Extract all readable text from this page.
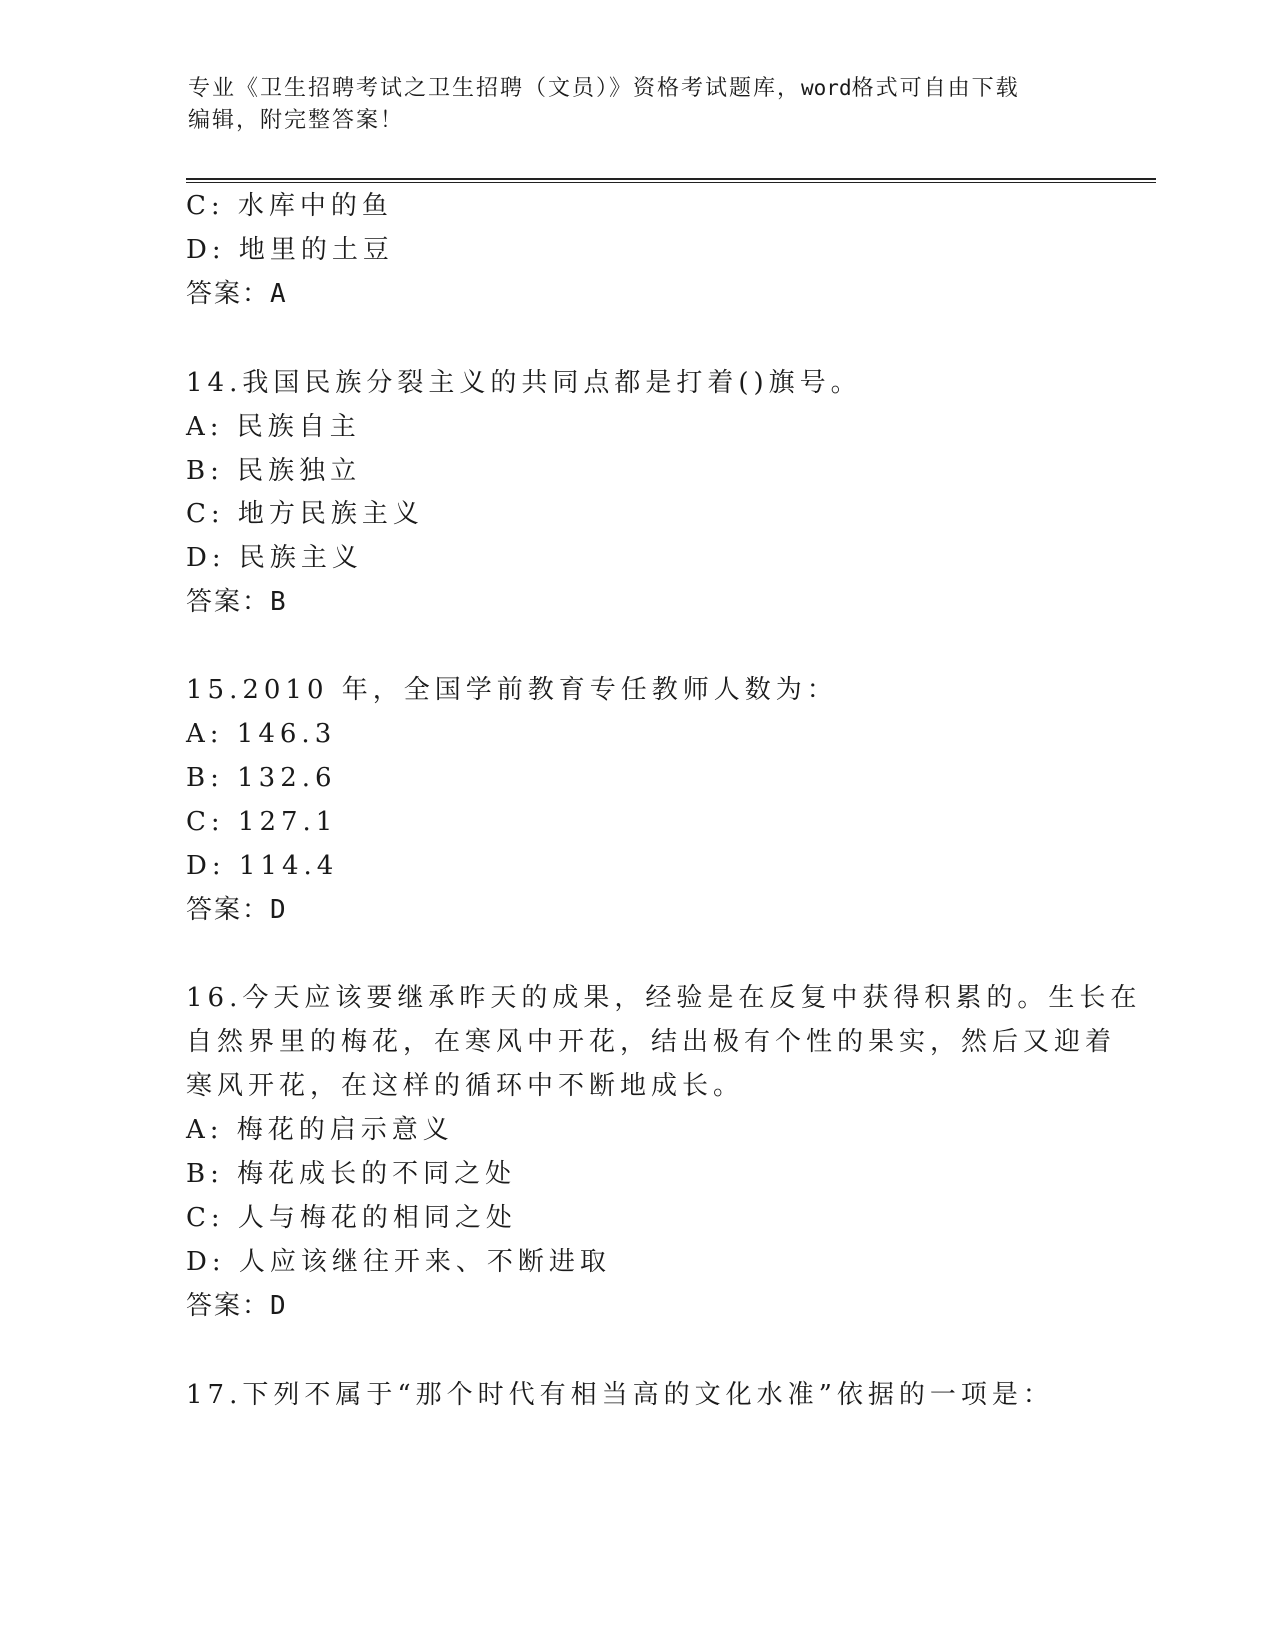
专业《卫生招聘考试之卫生招聘（文员）》资格考试题库，word格式可自由下载
编辑，附完整答案！
C: 水库中的鱼
D: 地里的土豆
答案：A
14.我国民族分裂主义的共同点都是打着()旗号。
A: 民族自主
B: 民族独立
C: 地方民族主义
D: 民族主义
答案：B
15.2010 年，全国学前教育专任教师人数为：
A: 146.3
B: 132.6
C: 127.1
D: 114.4
答案：D
16.今天应该要继承昨天的成果，经验是在反复中获得积累的。生长在
自然界里的梅花，在寒风中开花，结出极有个性的果实，然后又迎着
寒风开花，在这样的循环中不断地成长。
A: 梅花的启示意义
B: 梅花成长的不同之处
C: 人与梅花的相同之处
D: 人应该继往开来、不断进取
答案：D
17.下列不属于“那个时代有相当高的文化水准”依据的一项是：
